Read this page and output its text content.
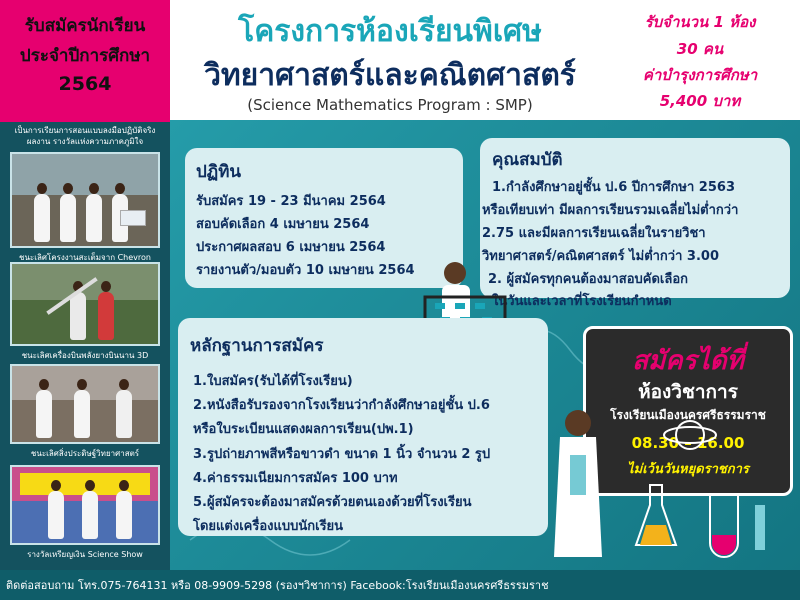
รับสมัครนักเรียน
ประจำปีการศึกษา
2564
โครงการห้องเรียนพิเศษ
วิทยาศาสตร์และคณิตศาสตร์
(Science Mathematics Program : SMP)
รับจำนวน 1 ห้อง
30 คน
ค่าบำรุงการศึกษา
5,400 บาท
เป็นการเรียนการสอนแบบลงมือปฏิบัติจริง
ผลงาน รางวัลแห่งความภาคภูมิใจ
ชนะเลิศโครงงานสะเต็มจาก Chevron
ชนะเลิศเครื่องบินพลังยางบินนาน 3D
ชนะเลิศสิ่งประดิษฐ์วิทยาศาสตร์
รางวัลเหรียญเงิน Science Show
ปฏิทิน
รับสมัคร 19 - 23 มีนาคม 2564
สอบคัดเลือก 4 เมษายน 2564
ประกาศผลสอบ 6 เมษายน 2564
รายงานตัว/มอบตัว 10 เมษายน 2564
คุณสมบัติ
1.กำลังศึกษาอยู่ชั้น ป.6 ปีการศึกษา 2563
หรือเทียบเท่า มีผลการเรียนรวมเฉลี่ยไม่ต่ำกว่า
2.75 และมีผลการเรียนเฉลี่ยในรายวิชา
วิทยาศาสตร์/คณิตศาสตร์ ไม่ต่ำกว่า 3.00
2. ผู้สมัครทุกคนต้องมาสอบคัดเลือก
ในวันและเวลาที่โรงเรียนกำหนด
หลักฐานการสมัคร
1.ใบสมัคร(รับได้ที่โรงเรียน)
2.หนังสือรับรองจากโรงเรียนว่ากำลังศึกษาอยู่ชั้น ป.6
หรือใบระเบียนแสดงผลการเรียน(ปพ.1)
3.รูปถ่ายภาพสีหรือขาวดำ ขนาด 1 นิ้ว จำนวน 2 รูป
4.ค่าธรรมเนียมการสมัคร 100 บาท
5.ผู้สมัครจะต้องมาสมัครด้วยตนเองด้วยที่โรงเรียน
โดยแต่งเครื่องแบบนักเรียน
สมัครได้ที่
ห้องวิชาการ
โรงเรียนเมืองนครศรีธรรมราช
08.30 – 16.00
ไม่เว้นวันหยุดราชการ
ติดต่อสอบถาม โทร.075-764131 หรือ 08-9909-5298 (รองฯวิชาการ) Facebook:โรงเรียนเมืองนครศรีธรรมราช
